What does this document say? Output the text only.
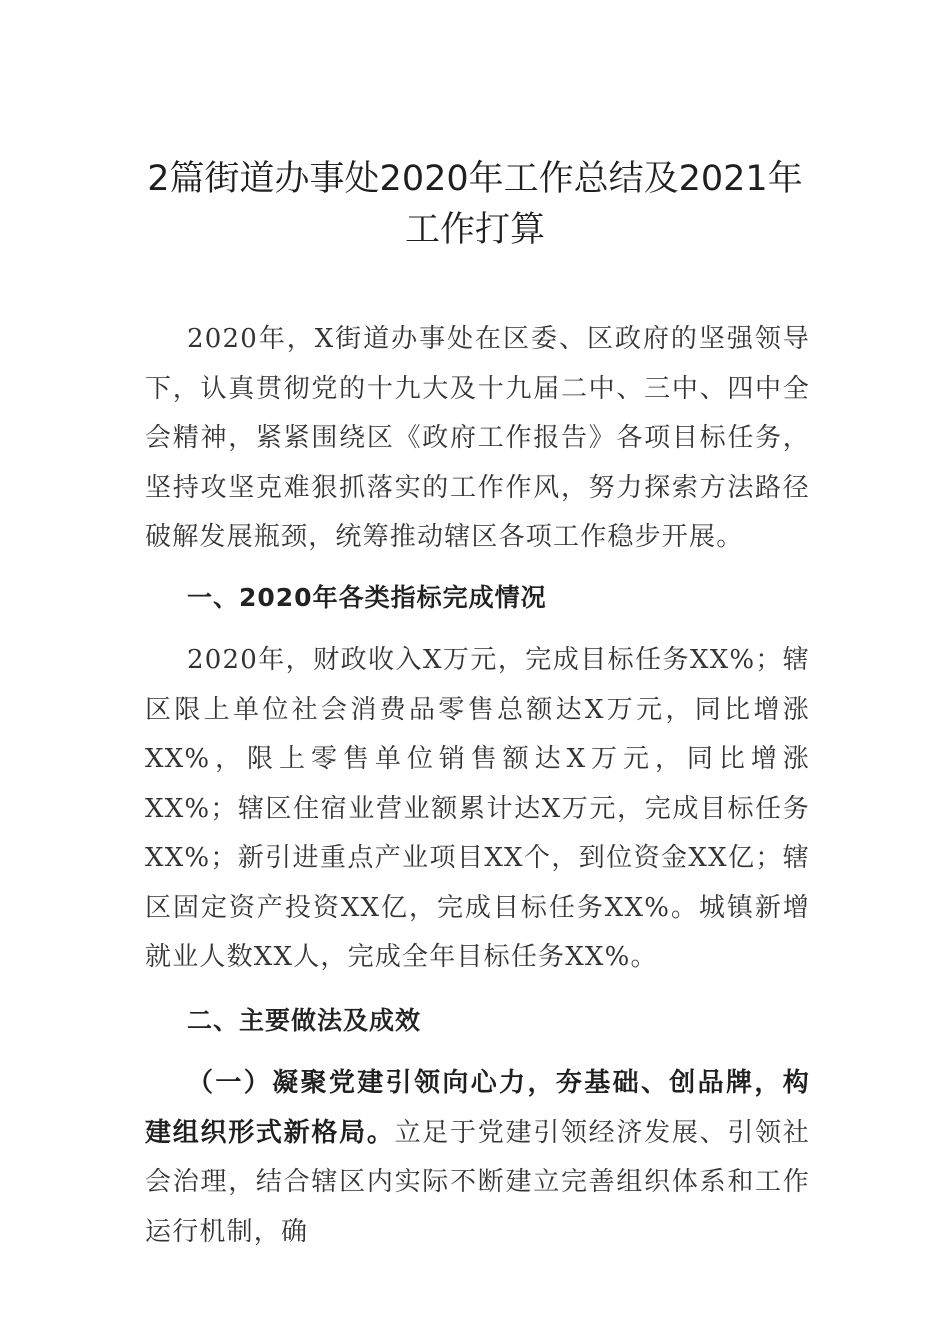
2篇街道办事处2020年工作总结及2021年
工作打算

2020年，X街道办事处在区委、区政府的坚强领导下，认真贯彻党的十九大及十九届二中、三中、四中全会精神，紧紧围绕区《政府工作报告》各项目标任务，坚持攻坚克难狠抓落实的工作作风，努力探索方法路径破解发展瓶颈，统筹推动辖区各项工作稳步开展。

一、2020年各类指标完成情况

2020年，财政收入X万元，完成目标任务XX%；辖区限上单位社会消费品零售总额达X万元，同比增涨XX%，限上零售单位销售额达X万元，同比增涨XX%；辖区住宿业营业额累计达X万元，完成目标任务XX%；新引进重点产业项目XX个，到位资金XX亿；辖区固定资产投资XX亿，完成目标任务XX%。城镇新增就业人数XX人，完成全年目标任务XX%。

二、主要做法及成效

（一）凝聚党建引领向心力，夯基础、创品牌，构建组织形式新格局。立足于党建引领经济发展、引领社会治理，结合辖区内实际不断建立完善组织体系和工作运行机制，确
